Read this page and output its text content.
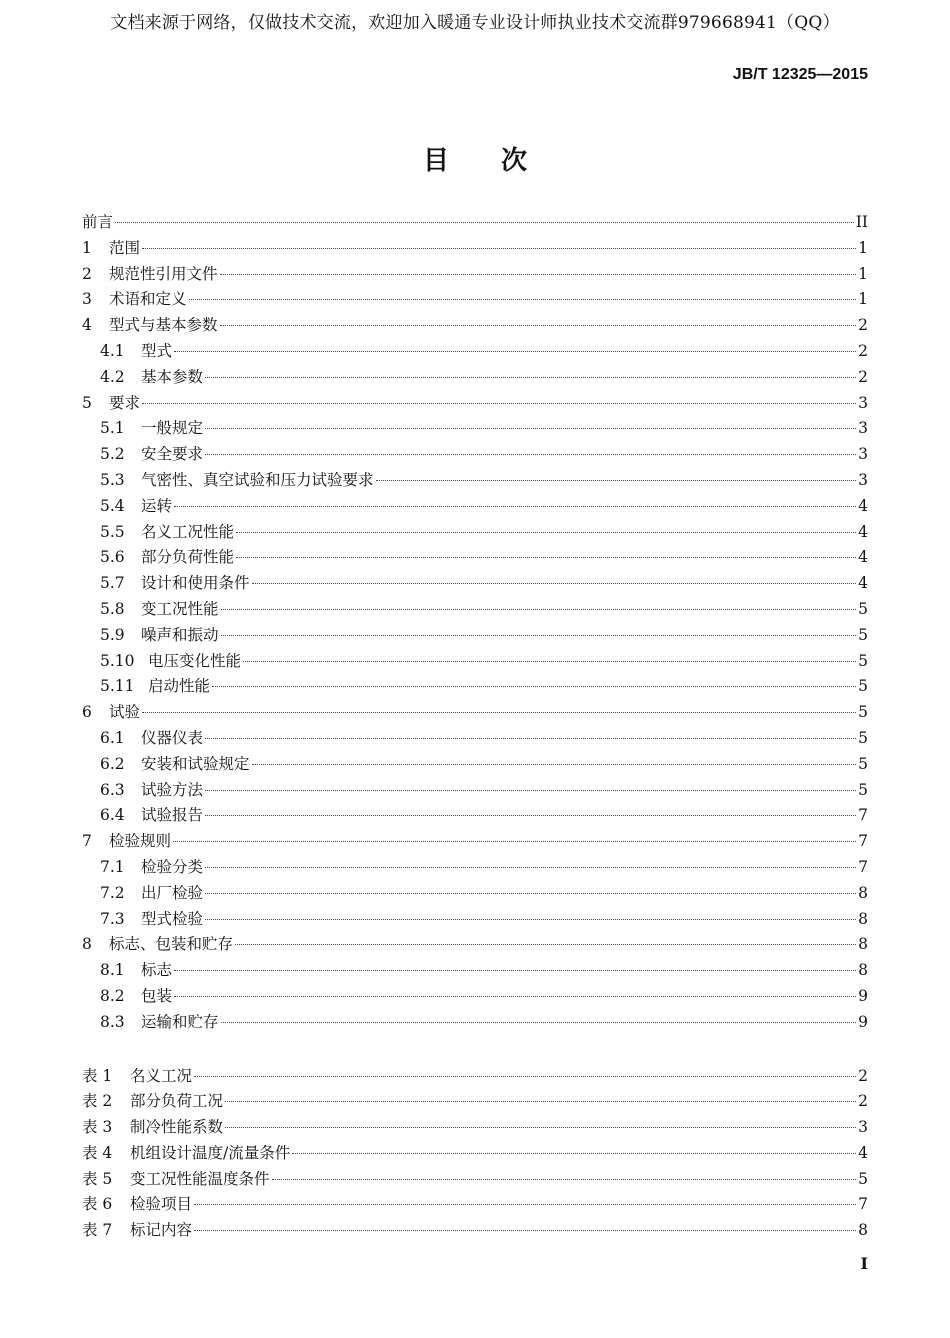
文档来源于网络，仅做技术交流，欢迎加入暖通专业设计师执业技术交流群979668941（QQ）
JB/T 12325—2015
目次
前言	II
1	范围	1
2	规范性引用文件	1
3	术语和定义	1
4	型式与基本参数	2
4.1	型式	2
4.2	基本参数	2
5	要求	3
5.1	一般规定	3
5.2	安全要求	3
5.3	气密性、真空试验和压力试验要求	3
5.4	运转	4
5.5	名义工况性能	4
5.6	部分负荷性能	4
5.7	设计和使用条件	4
5.8	变工况性能	5
5.9	噪声和振动	5
5.10 电压变化性能	5
5.11 启动性能	5
6	试验	5
6.1	仪器仪表	5
6.2	安装和试验规定	5
6.3	试验方法	5
6.4	试验报告	7
7	检验规则	7
7.1	检验分类	7
7.2	出厂检验	8
7.3	型式检验	8
8	标志、包装和贮存	8
8.1	标志	8
8.2	包装	9
8.3	运输和贮存	9
表 1	名义工况	2
表 2	部分负荷工况	2
表 3	制冷性能系数	3
表 4	机组设计温度/流量条件	4
表 5	变工况性能温度条件	5
表 6	检验项目	7
表 7	标记内容	8
I
